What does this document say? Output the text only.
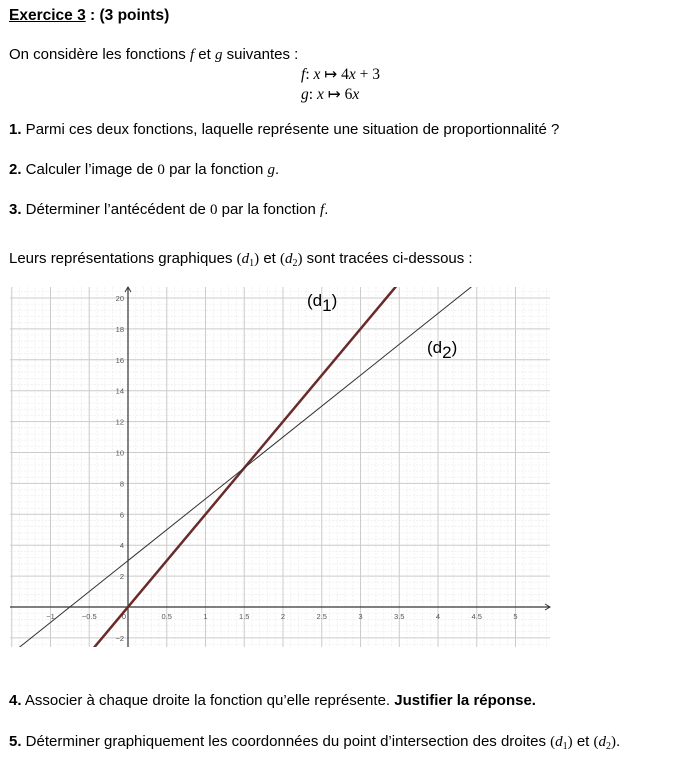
Exercice 3 : (3 points)
On considère les fonctions f et g suivantes :
f: x ↦ 4x + 3
g: x ↦ 6x
1. Parmi ces deux fonctions, laquelle représente une situation de proportionnalité ?
2. Calculer l’image de 0 par la fonction g.
3. Déterminer l’antécédent de 0 par la fonction f.
Leurs représentations graphiques $(d_1)$ et $(d_2)$ sont tracées ci-dessous :
−1	−0.5	0	0.5	1	1.5	2	2.5	3	3.5	4	4.5	5
−2
2
4
6
8
10
12
14
16
18
20	(d1)
(d2)
4. Associer à chaque droite la fonction qu’elle représente. Justifier la réponse.
5. Déterminer graphiquement les coordonnées du point d’intersection des droites $(d_1)$ et $(d_2)$.
